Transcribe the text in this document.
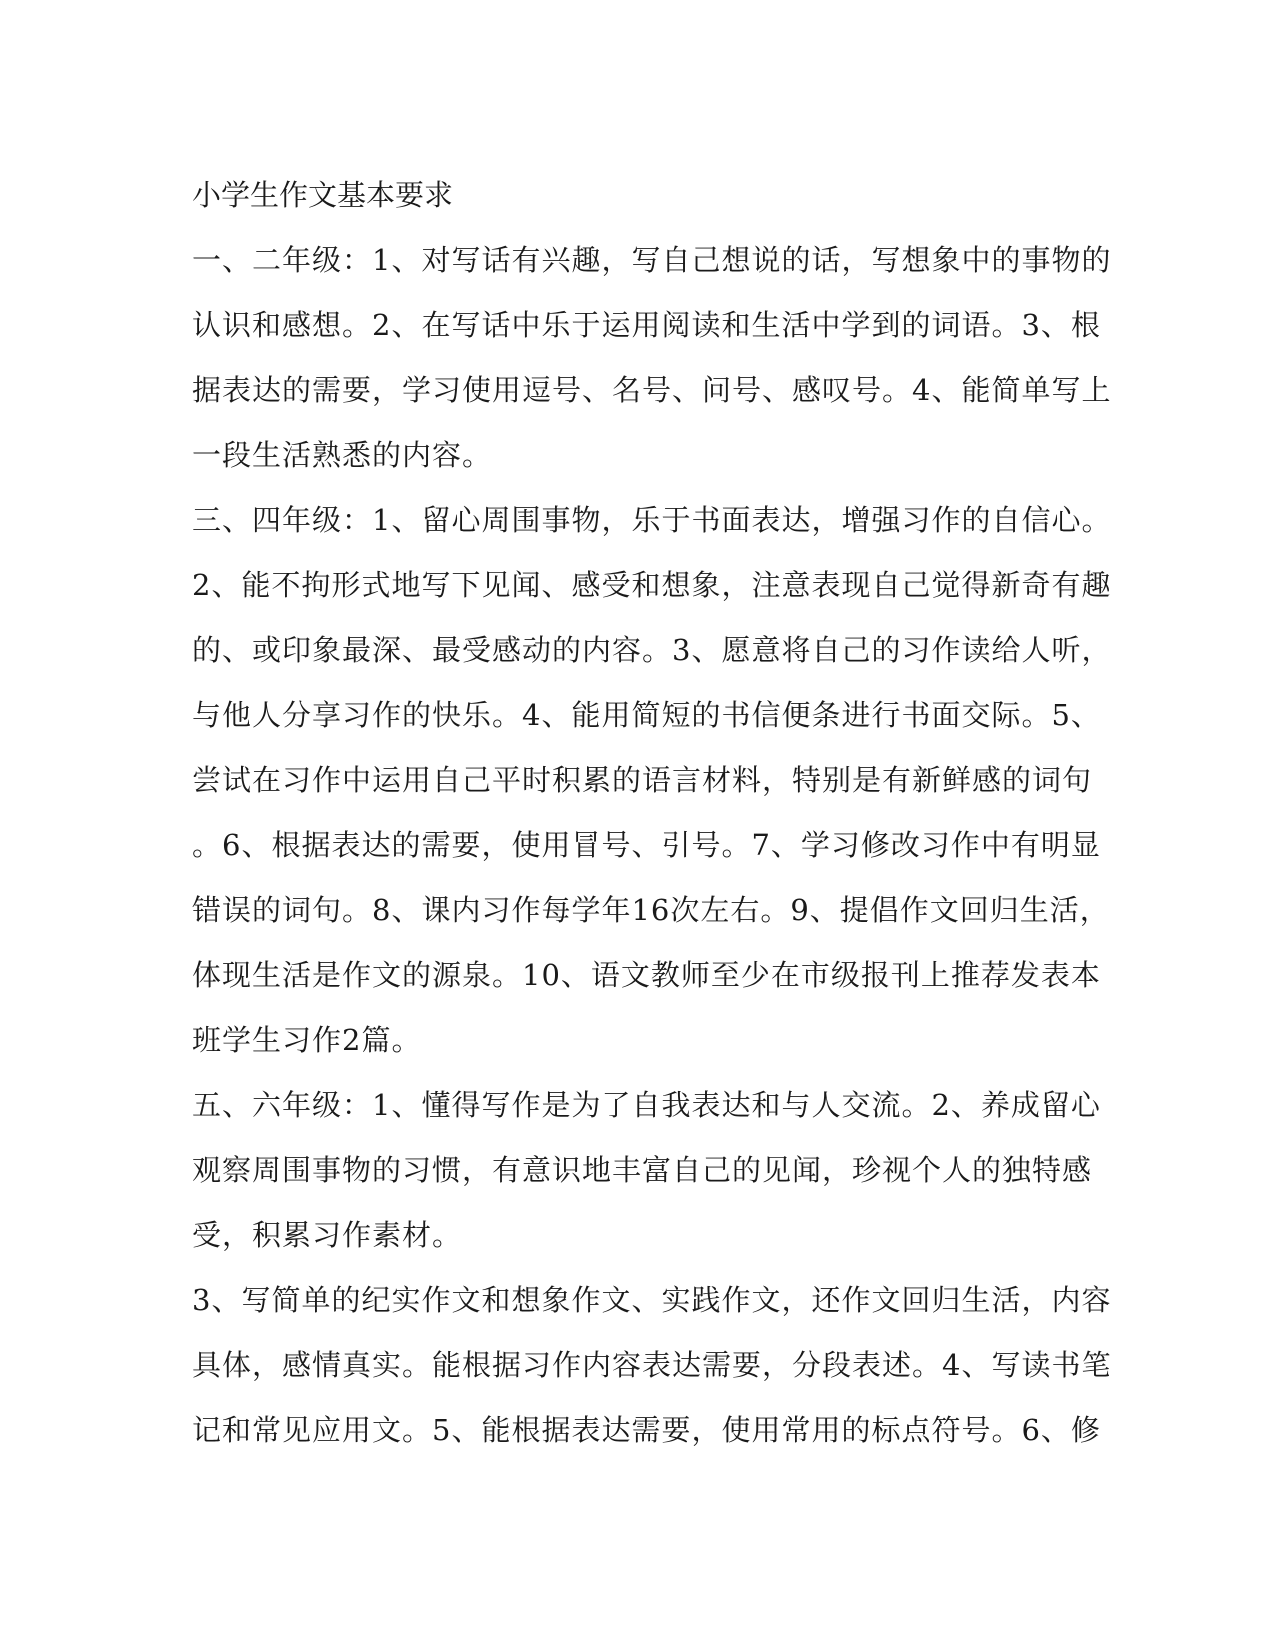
小学生作文基本要求
一、二年级：1、对写话有兴趣，写自己想说的话，写想象中的事物的
认识和感想。2、在写话中乐于运用阅读和生活中学到的词语。3、根
据表达的需要，学习使用逗号、名号、问号、感叹号。4、能简单写上
一段生活熟悉的内容。
三、四年级：1、留心周围事物，乐于书面表达，增强习作的自信心。
2、能不拘形式地写下见闻、感受和想象，注意表现自己觉得新奇有趣
的、或印象最深、最受感动的内容。3、愿意将自己的习作读给人听，
与他人分享习作的快乐。4、能用简短的书信便条进行书面交际。5、
尝试在习作中运用自己平时积累的语言材料，特别是有新鲜感的词句
。6、根据表达的需要，使用冒号、引号。7、学习修改习作中有明显
错误的词句。8、课内习作每学年16次左右。9、提倡作文回归生活，
体现生活是作文的源泉。10、语文教师至少在市级报刊上推荐发表本
班学生习作2篇。
五、六年级：1、懂得写作是为了自我表达和与人交流。2、养成留心
观察周围事物的习惯，有意识地丰富自己的见闻，珍视个人的独特感
受，积累习作素材。
3、写简单的纪实作文和想象作文、实践作文，还作文回归生活，内容
具体，感情真实。能根据习作内容表达需要，分段表述。4、写读书笔
记和常见应用文。5、能根据表达需要，使用常用的标点符号。6、修
